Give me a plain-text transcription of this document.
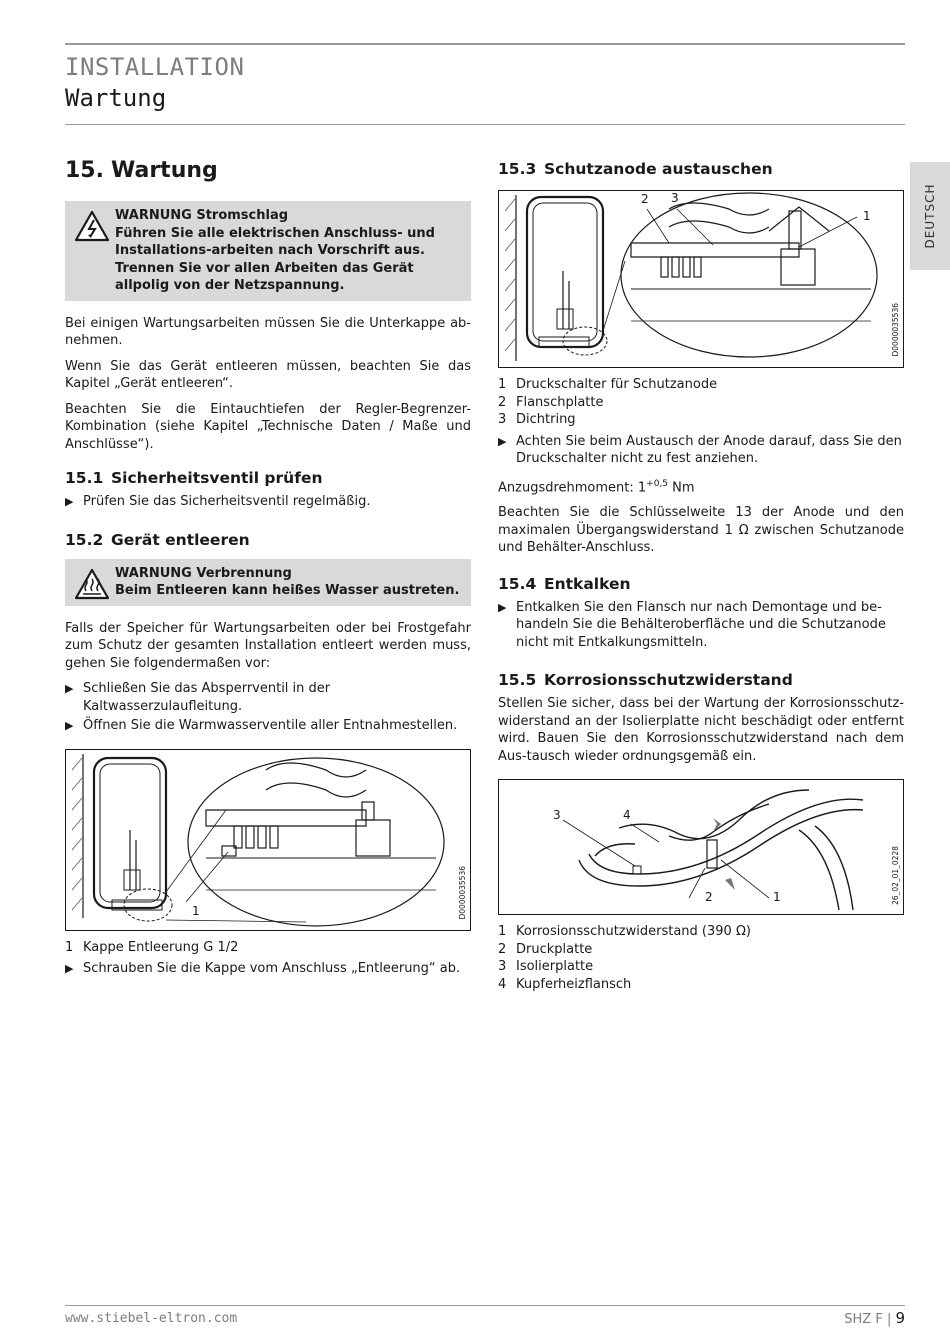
INSTALLATION
Wartung
DEUTSCH
15. Wartung
WARNUNG Stromschlag
Führen Sie alle elektrischen Anschluss- und Installations-arbeiten nach Vorschrift aus.
Trennen Sie vor allen Arbeiten das Gerät allpolig von der Netzspannung.

Bei einigen Wartungsarbeiten müssen Sie die Unterkappe ab-nehmen.

Wenn Sie das Gerät entleeren müssen, beachten Sie das Kapitel „Gerät entleeren“.

Beachten Sie die Eintauchtiefen der Regler-Begrenzer-Kombination (siehe Kapitel „Technische Daten / Maße und Anschlüsse“).

15.1 Sicherheitsventil prüfen
▶ Prüfen Sie das Sicherheitsventil regelmäßig.
15.2 Gerät entleeren
WARNUNG Verbrennung
Beim Entleeren kann heißes Wasser austreten.

Falls der Speicher für Wartungsarbeiten oder bei Frostgefahr zum Schutz der gesamten Installation entleert werden muss, gehen Sie folgendermaßen vor:

▶ Schließen Sie das Absperrventil in der Kaltwasserzulaufleitung.
▶ Öffnen Sie die Warmwasserventile aller Entnahmestellen.
1	D0000035536
1 Kappe Entleerung G 1/2
▶ Schrauben Sie die Kappe vom Anschluss „Entleerung“ ab.
15.3 Schutzanode austauschen
2 3
1
D0000035536
1 Druckschalter für Schutzanode
2 Flanschplatte
3 Dichtring
▶ Achten Sie beim Austausch der Anode darauf, dass Sie den Druckschalter nicht zu fest anziehen.

Anzugsdrehmoment: $1^{+0,5}$ Nm

Beachten Sie die Schlüsselweite 13 der Anode und den maximalen Übergangswiderstand 1 Ω zwischen Schutzanode und Behälter-Anschluss.

15.4 Entkalken
▶ Entkalken Sie den Flansch nur nach Demontage und be-handeln Sie die Behälteroberfläche und die Schutzanode nicht mit Entkalkungsmitteln.
15.5 Korrosionsschutzwiderstand

Stellen Sie sicher, dass bei der Wartung der Korrosionsschutz-widerstand an der Isolierplatte nicht beschädigt oder entfernt wird. Bauen Sie den Korrosionsschutzwiderstand nach dem Aus-tausch wieder ordnungsgemäß ein.

3	4
2	1	26_02_01_0228
1 Korrosionsschutzwiderstand (390 Ω)
2 Druckplatte
3 Isolierplatte
4 Kupferheizflansch
www.stiebel-eltron.com	SHZ F | 9
